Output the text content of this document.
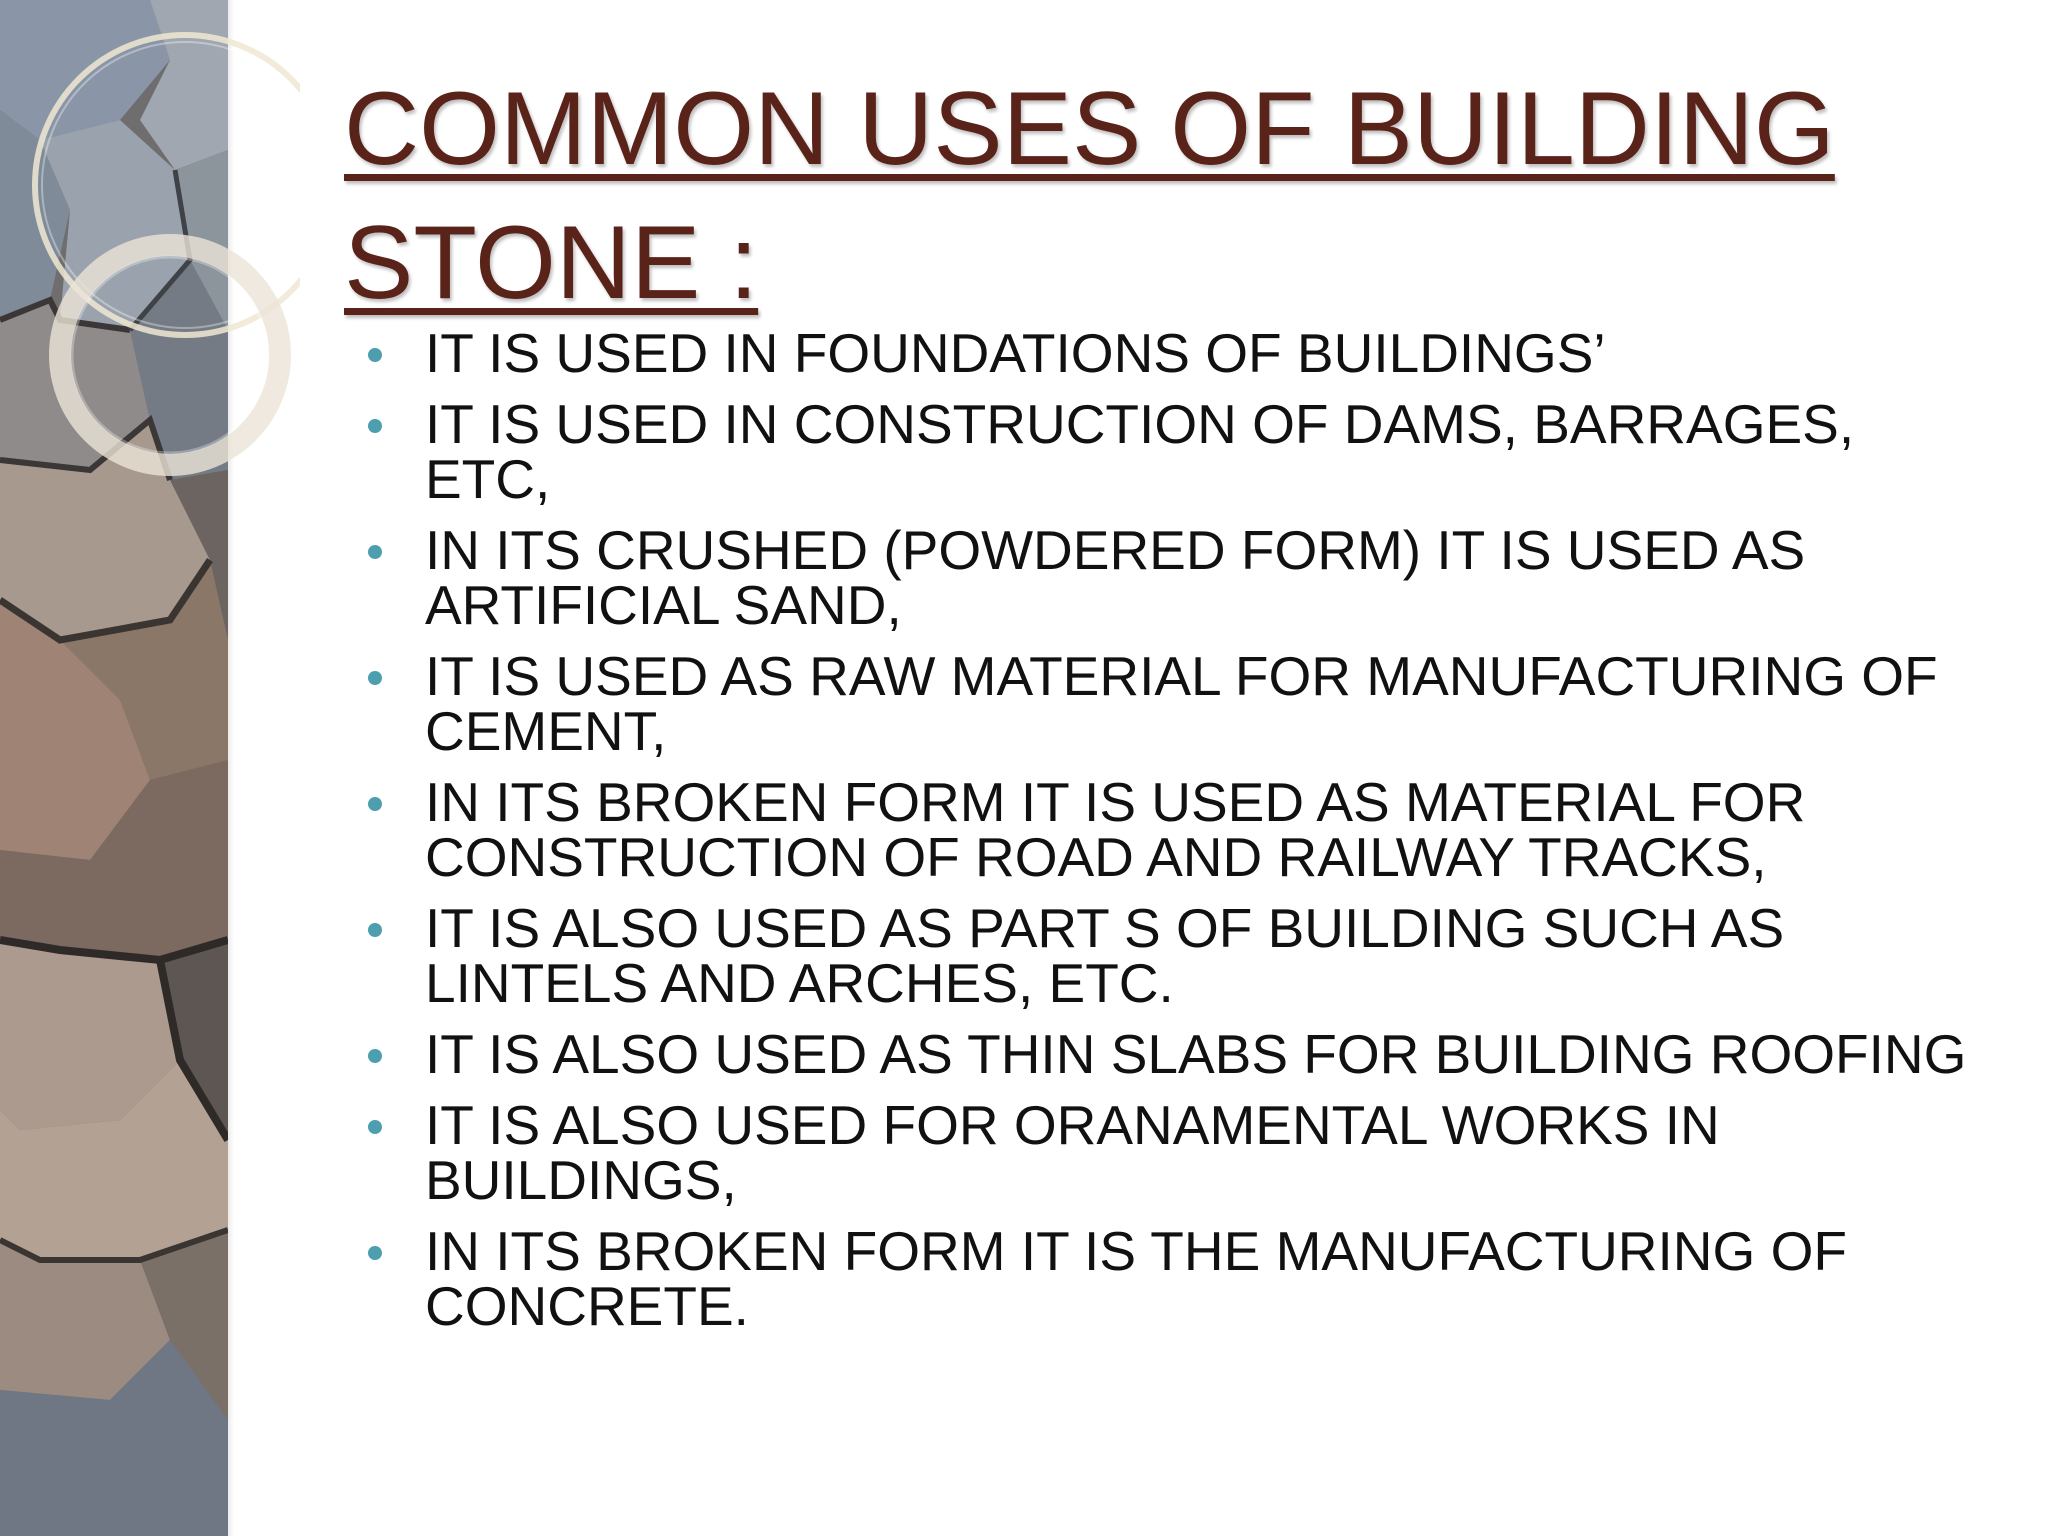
COMMON USES OF BUILDING STONE :
IT IS USED IN FOUNDATIONS OF BUILDINGS’
IT IS USED IN CONSTRUCTION OF DAMS, BARRAGES, ETC,
IN ITS CRUSHED (POWDERED FORM) IT IS USED AS ARTIFICIAL SAND,
IT IS USED AS RAW MATERIAL FOR MANUFACTURING OF CEMENT,
IN ITS BROKEN FORM IT IS USED AS MATERIAL FOR CONSTRUCTION OF ROAD AND RAILWAY TRACKS,
IT IS ALSO USED AS PART S OF BUILDING SUCH AS LINTELS AND ARCHES, ETC.
IT IS ALSO USED AS THIN SLABS FOR BUILDING ROOFING
IT IS ALSO USED FOR ORANAMENTAL WORKS IN BUILDINGS,
IN ITS BROKEN FORM IT IS THE MANUFACTURING OF CONCRETE.
